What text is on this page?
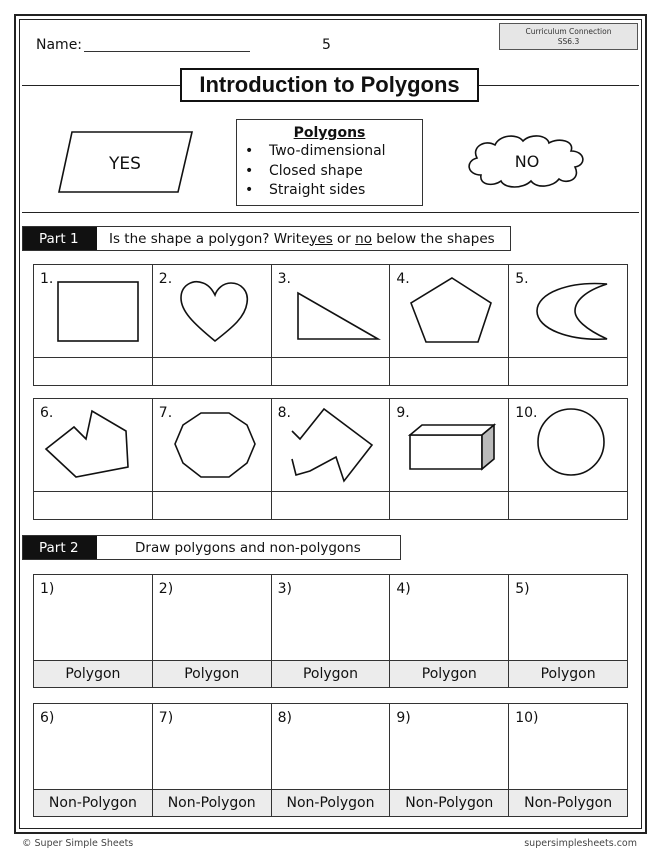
Name:	5
Curriculum Connection
SS6.3
Introduction to Polygons
YES
Polygons
• Two-dimensional
• Closed shape
• Straight sides
NO
Part 1	Is the shape a polygon? Write yes or no below the shapes
1.	2.	3.	4.	5.

6.	7.	8.	9.	10.

Part 2	Draw polygons and non-polygons
1)	2)	3)	4)	5)

Polygon	Polygon	Polygon	Polygon	Polygon
6)	7)	8)	9)	10)

Non-Polygon	Non-Polygon	Non-Polygon	Non-Polygon	Non-Polygon
© Super Simple Sheets	supersimplesheets.com
